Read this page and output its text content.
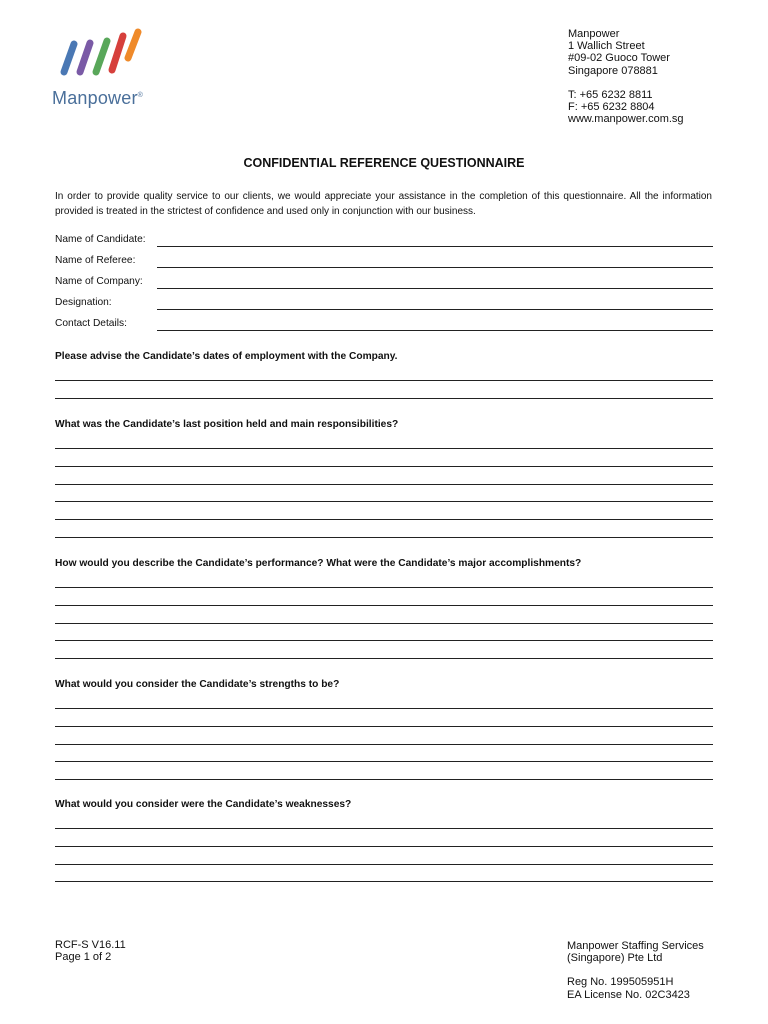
Manpower®
Manpower
1 Wallich Street
#09-02 Guoco Tower
Singapore 078881
T: +65 6232 8811
F: +65 6232 8804
www.manpower.com.sg
CONFIDENTIAL REFERENCE QUESTIONNAIRE
In order to provide quality service to our clients, we would appreciate your assistance in the completion of this questionnaire. All the information provided is treated in the strictest of confidence and used only in conjunction with our business.
Name of Candidate:
Name of Referee:
Name of Company:
Designation:
Contact Details:
Please advise the Candidate’s dates of employment with the Company.
What was the Candidate’s last position held and main responsibilities?
How would you describe the Candidate’s performance? What were the Candidate’s major accomplishments?
What would you consider the Candidate’s strengths to be?
What would you consider were the Candidate’s weaknesses?
RCF-S V16.11
Page 1 of 2
Manpower Staffing Services
(Singapore) Pte Ltd
Reg No. 199505951H
EA License No. 02C3423
